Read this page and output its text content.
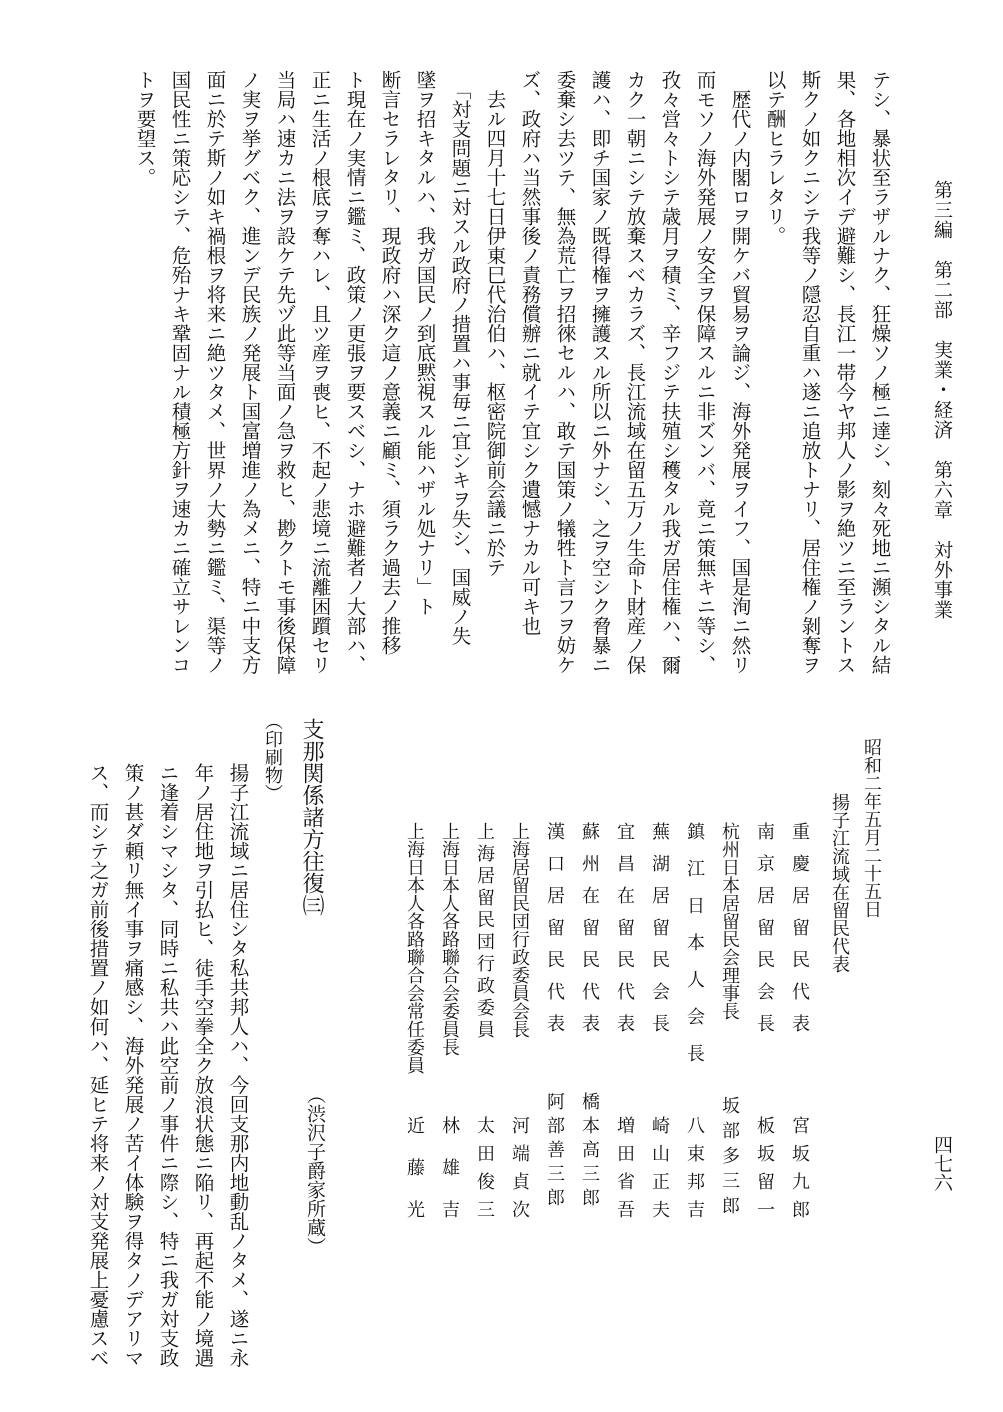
第三編第二部実業・経済第六章対外事業
四七六
テシ、暴状至ラザルナク、狂燥ソノ極ニ達シ、刻々死地ニ瀕シタル結
果、各地相次イデ避難シ、長江一帯今ヤ邦人ノ影ヲ絶ツニ至ラントス
斯クノ如クニシテ我等ノ隠忍自重ハ遂ニ追放トナリ、居住権ノ剝奪ヲ
以テ酬ヒラレタリ。
　歴代ノ内閣ロヲ開ケバ貿易ヲ論ジ、海外発展ヲイフ、国是洵ニ然リ
而モソノ海外発展ノ安全ヲ保障スルニ非ズンバ、竟ニ策無キニ等シ、
孜々営々トシテ歳月ヲ積ミ、辛フジテ扶殖シ穫タル我ガ居住権ハ、爾
カク一朝ニシテ放棄スベカラズ、長江流域在留五万ノ生命ト財産ノ保
護ハ、即チ国家ノ既得権ヲ擁護スル所以ニ外ナシ、之ヲ空シク脅暴ニ
委棄シ去ツテ、無為荒亡ヲ招徠セルハ、敢テ国策ノ犠牲ト言フヲ妨ケ
ズ、政府ハ当然事後ノ責務償辦ニ就イテ宜シク遺憾ナカル可キ也
　去ル四月十七日伊東巳代治伯ハ、枢密院御前会議ニ於テ
　「対支問題ニ対スル政府ノ措置ハ事毎ニ宜シキヲ失シ、国威ノ失
墜ヲ招キタルハ、我ガ国民ノ到底黙視スル能ハザル処ナリ」ト
断言セラレタリ、現政府ハ深ク這ノ意義ニ顧ミ、須ラク過去ノ推移
ト現在ノ実情ニ鑑ミ、政策ノ更張ヲ要スベシ、ナホ避難者ノ大部ハ、
正ニ生活ノ根底ヲ奪ハレ、且ツ産ヲ喪ヒ、不起ノ悲境ニ流離困躓セリ
当局ハ速カニ法ヲ設ケテ先ヅ此等当面ノ急ヲ救ヒ、尠クトモ事後保障
ノ実ヲ挙グベク、進ンデ民族ノ発展ト国富増進ノ為メニ、特ニ中支方
面ニ於テ斯ノ如キ禍根ヲ将来ニ絶ツタメ、世界ノ大勢ニ鑑ミ、渠等ノ
国民性ニ策応シテ、危殆ナキ鞏固ナル積極方針ヲ速カニ確立サレンコ
トヲ要望ス。
昭和二年五月二十五日
揚子江流域在留民代表
重慶居留民代表
南京居留民会長
杭州日本居留民会理事長
鎮江日本人会長
蕪湖居留民会長
宜昌在留民代表
蘇州在留民代表
漢口居留民代表
上海居留民団行政委員会長
上海居留民団行政委員
上海日本人各路聯合会委員長
上海日本人各路聯合会常任委員
宮坂九郎
板坂留一
坂部多三郎
八束邦吉
崎山正夫
増田省吾
橋本高三郎
阿部善三郎
河端貞次
太田俊三
林雄吉
近藤光
支那関係諸方往復㈢
（渋沢子爵家所蔵）
（印刷物）
揚子江流域ニ居住シタ私共邦人ハ、今回支那内地動乱ノタメ、遂ニ永
年ノ居住地ヲ引払ヒ、徒手空拳全ク放浪状態ニ陥リ、再起不能ノ境遇
ニ逢着シマシタ、同時ニ私共ハ此空前ノ事件ニ際シ、特ニ我ガ対支政
策ノ甚ダ頼リ無イ事ヲ痛感シ、海外発展ノ苦イ体験ヲ得タノデアリマ
ス、而シテ之ガ前後措置ノ如何ハ、延ヒテ将来ノ対支発展上憂慮スベ
